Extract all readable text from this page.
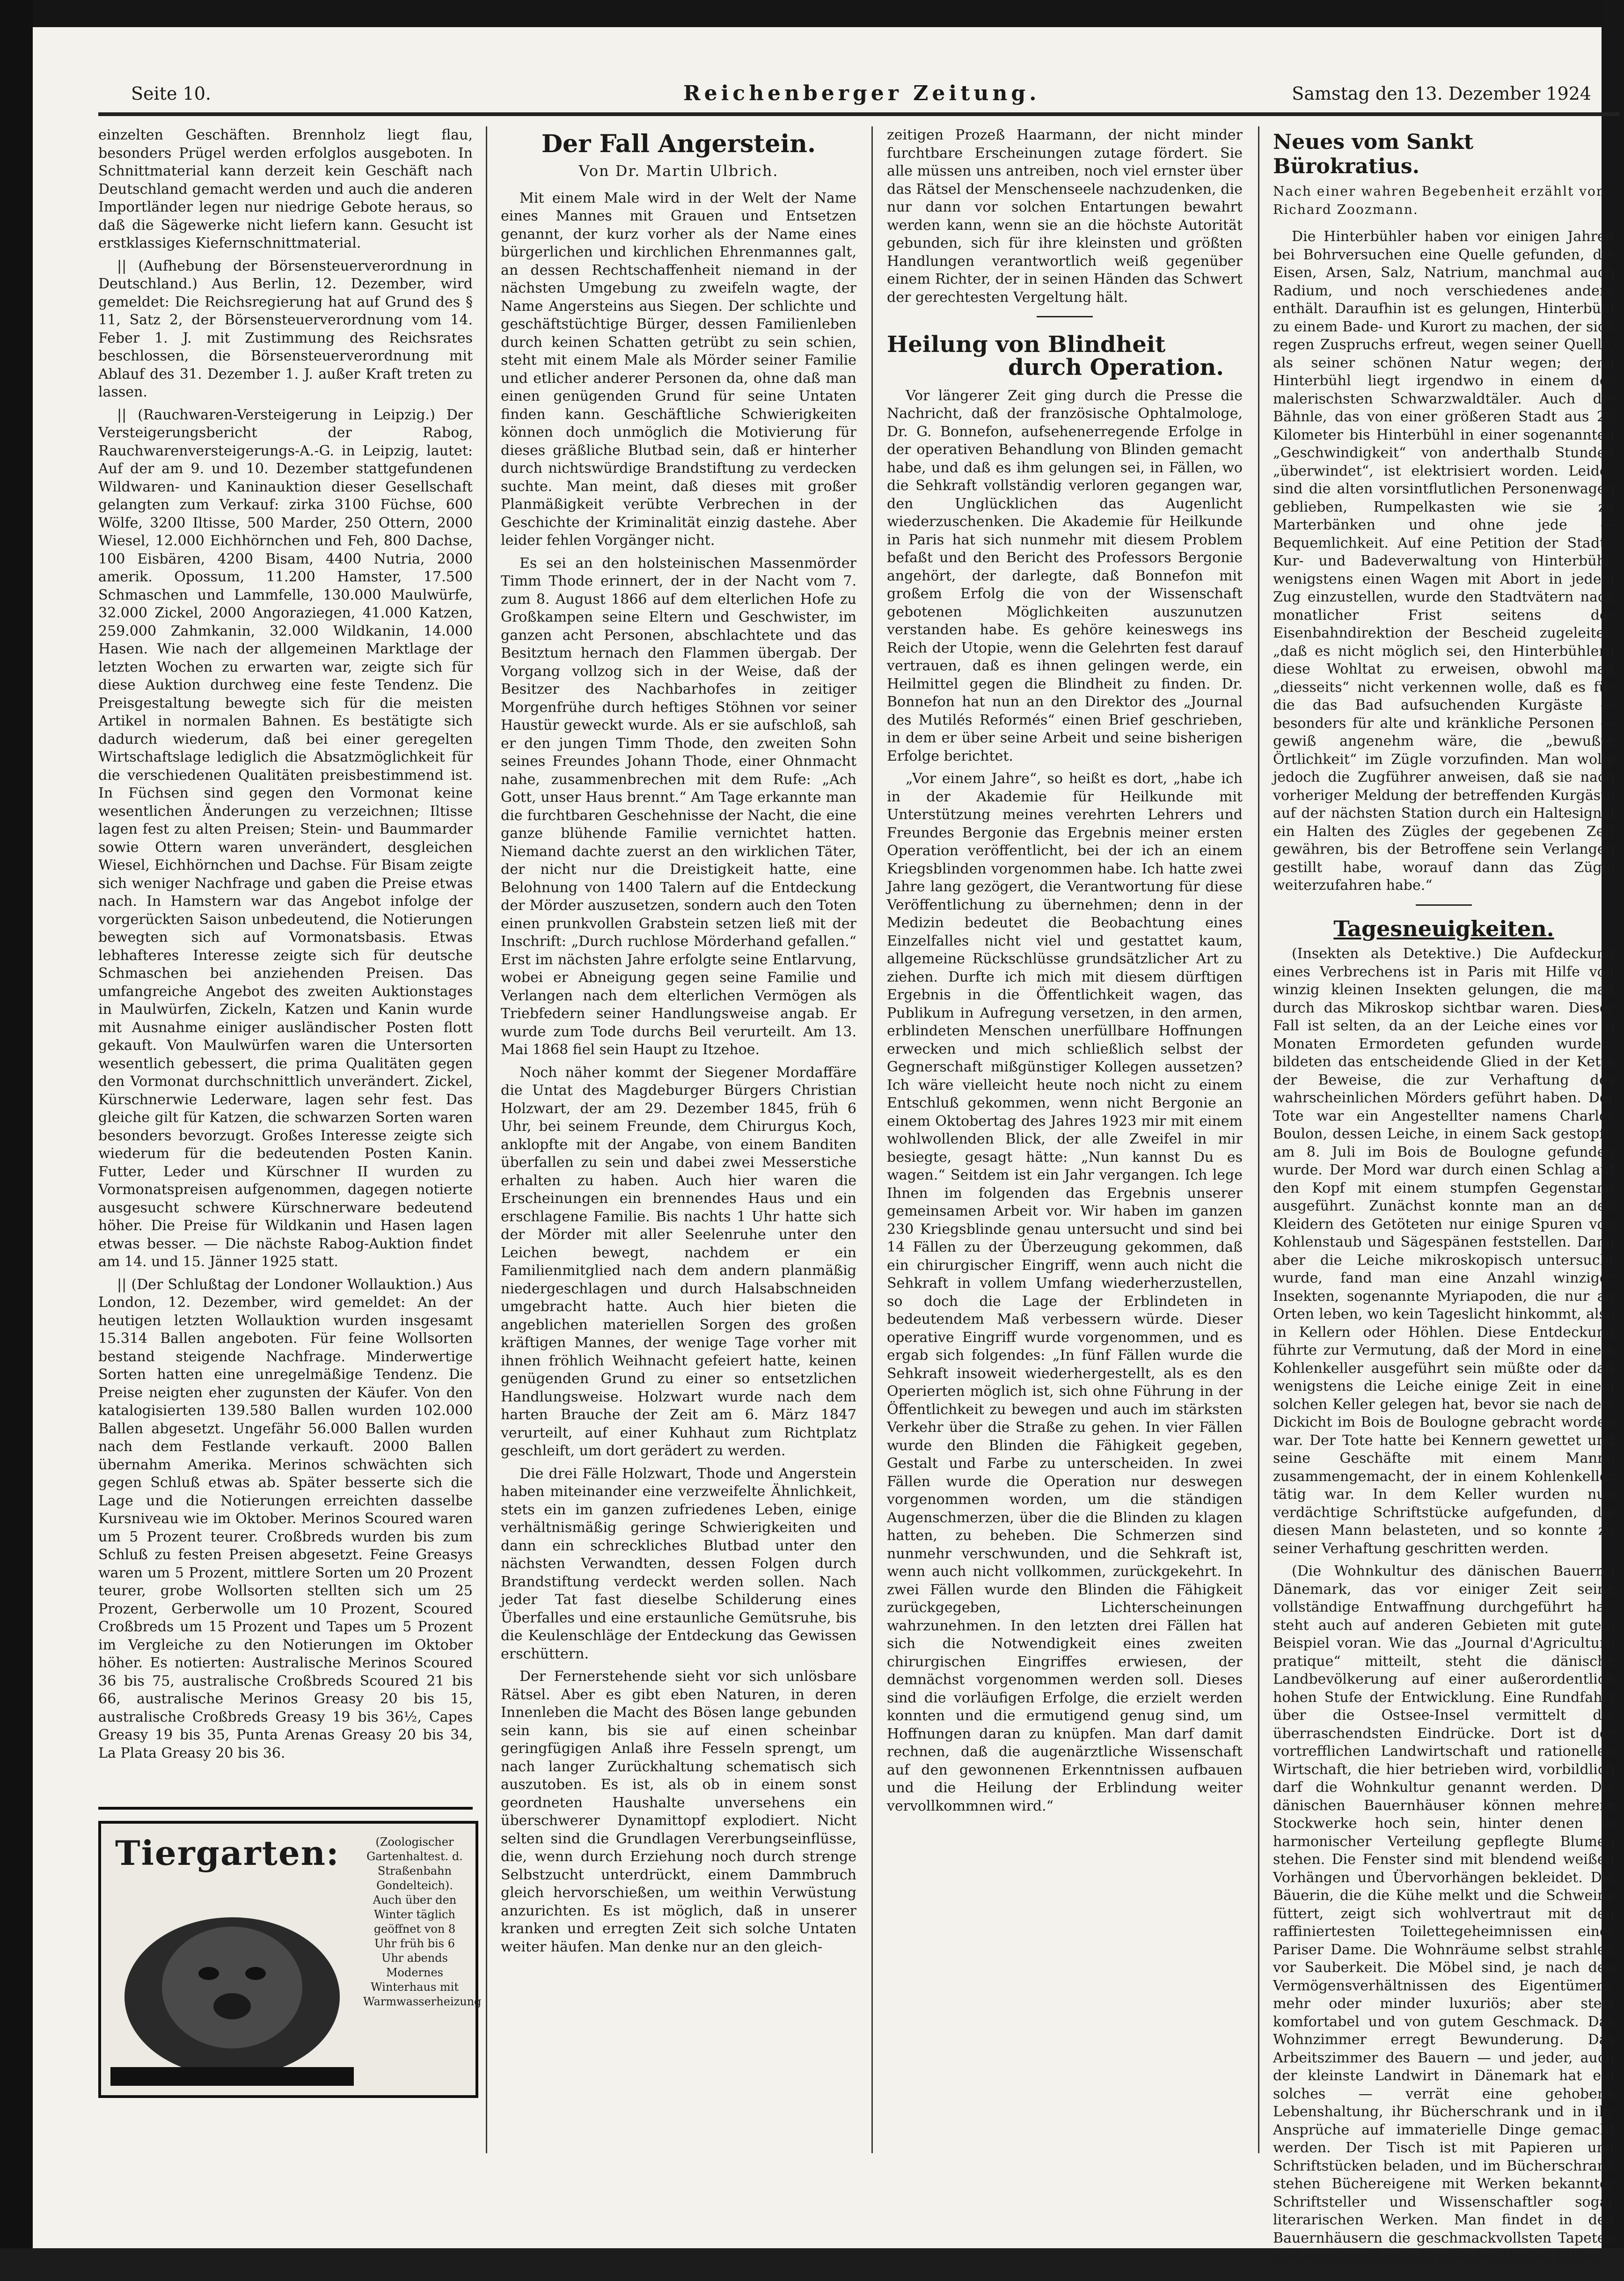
Seite 10.	Reichenberger Zeitung.	Samstag den 13. Dezember 1924

einzelten Geschäften. Brennholz liegt flau, besonders Prügel werden erfolglos ausgeboten. In Schnittmaterial kann derzeit kein Geschäft nach Deutschland gemacht werden und auch die anderen Importländer legen nur niedrige Gebote heraus, so daß die Sägewerke nicht liefern kann. Gesucht ist erstklassiges Kiefernschnittmaterial.

|| (Aufhebung der Börsensteuerverordnung in Deutschland.) Aus Berlin, 12. Dezember, wird gemeldet: Die Reichsregierung hat auf Grund des § 11, Satz 2, der Börsensteuerverordnung vom 14. Feber 1. J. mit Zustimmung des Reichsrates beschlossen, die Börsensteuerverordnung mit Ablauf des 31. Dezember 1. J. außer Kraft treten zu lassen.

|| (Rauchwaren-Versteigerung in Leipzig.) Der Versteigerungsbericht der Rabog, Rauchwarenversteigerungs-A.-G. in Leipzig, lautet: Auf der am 9. und 10. Dezember stattgefundenen Wildwaren- und Kaninauktion dieser Gesellschaft gelangten zum Verkauf: zirka 3100 Füchse, 600 Wölfe, 3200 Iltisse, 500 Marder, 250 Ottern, 2000 Wiesel, 12.000 Eichhörnchen und Feh, 800 Dachse, 100 Eisbären, 4200 Bisam, 4400 Nutria, 2000 amerik. Opossum, 11.200 Hamster, 17.500 Schmaschen und Lammfelle, 130.000 Maulwürfe, 32.000 Zickel, 2000 Angoraziegen, 41.000 Katzen, 259.000 Zahmkanin, 32.000 Wildkanin, 14.000 Hasen. Wie nach der allgemeinen Marktlage der letzten Wochen zu erwarten war, zeigte sich für diese Auktion durchweg eine feste Tendenz. Die Preisgestaltung bewegte sich für die meisten Artikel in normalen Bahnen. Es bestätigte sich dadurch wiederum, daß bei einer geregelten Wirtschaftslage lediglich die Absatzmöglichkeit für die verschiedenen Qualitäten preisbestimmend ist. In Füchsen sind gegen den Vormonat keine wesentlichen Änderungen zu verzeichnen; Iltisse lagen fest zu alten Preisen; Stein- und Baummarder sowie Ottern waren unverändert, desgleichen Wiesel, Eichhörnchen und Dachse. Für Bisam zeigte sich weniger Nachfrage und gaben die Preise etwas nach. In Hamstern war das Angebot infolge der vorgerückten Saison unbedeutend, die Notierungen bewegten sich auf Vormonatsbasis. Etwas lebhafteres Interesse zeigte sich für deutsche Schmaschen bei anziehenden Preisen. Das umfangreiche Angebot des zweiten Auktionstages in Maulwürfen, Zickeln, Katzen und Kanin wurde mit Ausnahme einiger ausländischer Posten flott gekauft. Von Maulwürfen waren die Untersorten wesentlich gebessert, die prima Qualitäten gegen den Vormonat durchschnittlich unverändert. Zickel, Kürschnerwie Lederware, lagen sehr fest. Das gleiche gilt für Katzen, die schwarzen Sorten waren besonders bevorzugt. Großes Interesse zeigte sich wiederum für die bedeutenden Posten Kanin. Futter, Leder und Kürschner II wurden zu Vormonatspreisen aufgenommen, dagegen notierte ausgesucht schwere Kürschnerware bedeutend höher. Die Preise für Wildkanin und Hasen lagen etwas besser. — Die nächste Rabog-Auktion findet am 14. und 15. Jänner 1925 statt.

|| (Der Schlußtag der Londoner Wollauktion.) Aus London, 12. Dezember, wird gemeldet: An der heutigen letzten Wollauktion wurden insgesamt 15.314 Ballen angeboten. Für feine Wollsorten bestand steigende Nachfrage. Minderwertige Sorten hatten eine unregelmäßige Tendenz. Die Preise neigten eher zugunsten der Käufer. Von den katalogisierten 139.580 Ballen wurden 102.000 Ballen abgesetzt. Ungefähr 56.000 Ballen wurden nach dem Festlande verkauft. 2000 Ballen übernahm Amerika. Merinos schwächten sich gegen Schluß etwas ab. Später besserte sich die Lage und die Notierungen erreichten dasselbe Kursniveau wie im Oktober. Merinos Scoured waren um 5 Prozent teurer. Croßbreds wurden bis zum Schluß zu festen Preisen abgesetzt. Feine Greasys waren um 5 Prozent, mittlere Sorten um 20 Prozent teurer, grobe Wollsorten stellten sich um 25 Prozent, Gerberwolle um 10 Prozent, Scoured Croßbreds um 15 Prozent und Tapes um 5 Prozent im Vergleiche zu den Notierungen im Oktober höher. Es notierten: Australische Merinos Scoured 36 bis 75, australische Croßbreds Scoured 21 bis 66, australische Merinos Greasy 20 bis 15, australische Croßbreds Greasy 19 bis 36½, Capes Greasy 19 bis 35, Punta Arenas Greasy 20 bis 34, La Plata Greasy 20 bis 36.

Tiergarten:	(Zoologischer Gartenhaltest. d. Straßenbahn Gondelteich). Auch über den Winter täglich geöffnet von 8 Uhr früh bis 6 Uhr abends Modernes Winterhaus mit Warmwasserheizung
Der Fall Angerstein.
Von Dr. Martin Ulbrich.

Mit einem Male wird in der Welt der Name eines Mannes mit Grauen und Entsetzen genannt, der kurz vorher als der Name eines bürgerlichen und kirchlichen Ehrenmannes galt, an dessen Rechtschaffenheit niemand in der nächsten Umgebung zu zweifeln wagte, der Name Angersteins aus Siegen. Der schlichte und geschäftstüchtige Bürger, dessen Familienleben durch keinen Schatten getrübt zu sein schien, steht mit einem Male als Mörder seiner Familie und etlicher anderer Personen da, ohne daß man einen genügenden Grund für seine Untaten finden kann. Geschäftliche Schwierigkeiten können doch unmöglich die Motivierung für dieses gräßliche Blutbad sein, daß er hinterher durch nichtswürdige Brandstiftung zu verdecken suchte. Man meint, daß dieses mit großer Planmäßigkeit verübte Verbrechen in der Geschichte der Kriminalität einzig dastehe. Aber leider fehlen Vorgänger nicht.

Es sei an den holsteinischen Massenmörder Timm Thode erinnert, der in der Nacht vom 7. zum 8. August 1866 auf dem elterlichen Hofe zu Großkampen seine Eltern und Geschwister, im ganzen acht Personen, abschlachtete und das Besitztum hernach den Flammen übergab. Der Vorgang vollzog sich in der Weise, daß der Besitzer des Nachbarhofes in zeitiger Morgenfrühe durch heftiges Stöhnen vor seiner Haustür geweckt wurde. Als er sie aufschloß, sah er den jungen Timm Thode, den zweiten Sohn seines Freundes Johann Thode, einer Ohnmacht nahe, zusammenbrechen mit dem Rufe: „Ach Gott, unser Haus brennt.“ Am Tage erkannte man die furchtbaren Geschehnisse der Nacht, die eine ganze blühende Familie vernichtet hatten. Niemand dachte zuerst an den wirklichen Täter, der nicht nur die Dreistigkeit hatte, eine Belohnung von 1400 Talern auf die Entdeckung der Mörder auszusetzen, sondern auch den Toten einen prunkvollen Grabstein setzen ließ mit der Inschrift: „Durch ruchlose Mörderhand gefallen.“ Erst im nächsten Jahre erfolgte seine Entlarvung, wobei er Abneigung gegen seine Familie und Verlangen nach dem elterlichen Vermögen als Triebfedern seiner Handlungsweise angab. Er wurde zum Tode durchs Beil verurteilt. Am 13. Mai 1868 fiel sein Haupt zu Itzehoe.

Noch näher kommt der Siegener Mordaffäre die Untat des Magdeburger Bürgers Christian Holzwart, der am 29. Dezember 1845, früh 6 Uhr, bei seinem Freunde, dem Chirurgus Koch, anklopfte mit der Angabe, von einem Banditen überfallen zu sein und dabei zwei Messerstiche erhalten zu haben. Auch hier waren die Erscheinungen ein brennendes Haus und ein erschlagene Familie. Bis nachts 1 Uhr hatte sich der Mörder mit aller Seelenruhe unter den Leichen bewegt, nachdem er ein Familienmitglied nach dem andern planmäßig niedergeschlagen und durch Halsabschneiden umgebracht hatte. Auch hier bieten die angeblichen materiellen Sorgen des großen kräftigen Mannes, der wenige Tage vorher mit ihnen fröhlich Weihnacht gefeiert hatte, keinen genügenden Grund zu einer so entsetzlichen Handlungsweise. Holzwart wurde nach dem harten Brauche der Zeit am 6. März 1847 verurteilt, auf einer Kuhhaut zum Richtplatz geschleift, um dort gerädert zu werden.

Die drei Fälle Holzwart, Thode und Angerstein haben miteinander eine verzweifelte Ähnlichkeit, stets ein im ganzen zufriedenes Leben, einige verhältnismäßig geringe Schwierigkeiten und dann ein schreckliches Blutbad unter den nächsten Verwandten, dessen Folgen durch Brandstiftung verdeckt werden sollen. Nach jeder Tat fast dieselbe Schilderung eines Überfalles und eine erstaunliche Gemütsruhe, bis die Keulenschläge der Entdeckung das Gewissen erschüttern.

Der Fernerstehende sieht vor sich unlösbare Rätsel. Aber es gibt eben Naturen, in deren Innenleben die Macht des Bösen lange gebunden sein kann, bis sie auf einen scheinbar geringfügigen Anlaß ihre Fesseln sprengt, um nach langer Zurückhaltung schematisch sich auszutoben. Es ist, als ob in einem sonst geordneten Haushalte unversehens ein überschwerer Dynamittopf explodiert. Nicht selten sind die Grundlagen Vererbungseinflüsse, die, wenn durch Erziehung noch durch strenge Selbstzucht unterdrückt, einem Dammbruch gleich hervorschießen, um weithin Verwüstung anzurichten. Es ist möglich, daß in unserer kranken und erregten Zeit sich solche Untaten weiter häufen. Man denke nur an den gleich-

zeitigen Prozeß Haarmann, der nicht minder furchtbare Erscheinungen zutage fördert. Sie alle müssen uns antreiben, noch viel ernster über das Rätsel der Menschenseele nachzudenken, die nur dann vor solchen Entartungen bewahrt werden kann, wenn sie an die höchste Autorität gebunden, sich für ihre kleinsten und größten Handlungen verantwortlich weiß gegenüber einem Richter, der in seinen Händen das Schwert der gerechtesten Vergeltung hält.

Heilung von Blindheit
durch Operation.

Vor längerer Zeit ging durch die Presse die Nachricht, daß der französische Ophtalmologe, Dr. G. Bonnefon, aufsehenerregende Erfolge in der operativen Behandlung von Blinden gemacht habe, und daß es ihm gelungen sei, in Fällen, wo die Sehkraft vollständig verloren gegangen war, den Unglücklichen das Augenlicht wiederzuschenken. Die Akademie für Heilkunde in Paris hat sich nunmehr mit diesem Problem befaßt und den Bericht des Professors Bergonie angehört, der darlegte, daß Bonnefon mit großem Erfolg die von der Wissenschaft gebotenen Möglichkeiten auszunutzen verstanden habe. Es gehöre keineswegs ins Reich der Utopie, wenn die Gelehrten fest darauf vertrauen, daß es ihnen gelingen werde, ein Heilmittel gegen die Blindheit zu finden. Dr. Bonnefon hat nun an den Direktor des „Journal des Mutilés Reformés“ einen Brief geschrieben, in dem er über seine Arbeit und seine bisherigen Erfolge berichtet.

„Vor einem Jahre“, so heißt es dort, „habe ich in der Akademie für Heilkunde mit Unterstützung meines verehrten Lehrers und Freundes Bergonie das Ergebnis meiner ersten Operation veröffentlicht, bei der ich an einem Kriegsblinden vorgenommen habe. Ich hatte zwei Jahre lang gezögert, die Verantwortung für diese Veröffentlichung zu übernehmen; denn in der Medizin bedeutet die Beobachtung eines Einzelfalles nicht viel und gestattet kaum, allgemeine Rückschlüsse grundsätzlicher Art zu ziehen. Durfte ich mich mit diesem dürftigen Ergebnis in die Öffentlichkeit wagen, das Publikum in Aufregung versetzen, in den armen, erblindeten Menschen unerfüllbare Hoffnungen erwecken und mich schließlich selbst der Gegnerschaft mißgünstiger Kollegen aussetzen? Ich wäre vielleicht heute noch nicht zu einem Entschluß gekommen, wenn nicht Bergonie an einem Oktobertag des Jahres 1923 mir mit einem wohlwollenden Blick, der alle Zweifel in mir besiegte, gesagt hätte: „Nun kannst Du es wagen.“ Seitdem ist ein Jahr vergangen. Ich lege Ihnen im folgenden das Ergebnis unserer gemeinsamen Arbeit vor. Wir haben im ganzen 230 Kriegsblinde genau untersucht und sind bei 14 Fällen zu der Überzeugung gekommen, daß ein chirurgischer Eingriff, wenn auch nicht die Sehkraft in vollem Umfang wiederherzustellen, so doch die Lage der Erblindeten in bedeutendem Maß verbessern würde. Dieser operative Eingriff wurde vorgenommen, und es ergab sich folgendes: „In fünf Fällen wurde die Sehkraft insoweit wiederhergestellt, als es den Operierten möglich ist, sich ohne Führung in der Öffentlichkeit zu bewegen und auch im stärksten Verkehr über die Straße zu gehen. In vier Fällen wurde den Blinden die Fähigkeit gegeben, Gestalt und Farbe zu unterscheiden. In zwei Fällen wurde die Operation nur deswegen vorgenommen worden, um die ständigen Augenschmerzen, über die die Blinden zu klagen hatten, zu beheben. Die Schmerzen sind nunmehr verschwunden, und die Sehkraft ist, wenn auch nicht vollkommen, zurückgekehrt. In zwei Fällen wurde den Blinden die Fähigkeit zurückgegeben, Lichterscheinungen wahrzunehmen. In den letzten drei Fällen hat sich die Notwendigkeit eines zweiten chirurgischen Eingriffes erwiesen, der demnächst vorgenommen werden soll. Dieses sind die vorläufigen Erfolge, die erzielt werden konnten und die ermutigend genug sind, um Hoffnungen daran zu knüpfen. Man darf damit rechnen, daß die augenärztliche Wissenschaft auf den gewonnenen Erkenntnissen aufbauen und die Heilung der Erblindung weiter vervollkommnen wird.“

Neues vom Sankt Bürokratius.
Nach einer wahren Begebenheit erzählt von Richard Zoozmann.

Die Hinterbühler haben vor einigen Jahren bei Bohrversuchen eine Quelle gefunden, die Eisen, Arsen, Salz, Natrium, manchmal auch Radium, und noch verschiedenes andere enthält. Daraufhin ist es gelungen, Hinterbühl zu einem Bade- und Kurort zu machen, der sich regen Zuspruchs erfreut, wegen seiner Quelle, als seiner schönen Natur wegen; denn Hinterbühl liegt irgendwo in einem der malerischsten Schwarzwaldtäler. Auch die Bähnle, das von einer größeren Stadt aus 20 Kilometer bis Hinterbühl in einer sogenannten „Geschwindigkeit“ von anderthalb Stunden „überwindet“, ist elektrisiert worden. Leider sind die alten vorsintflutlichen Personenwagen geblieben, Rumpelkasten wie sie zu Marterbänken und ohne jede — Bequemlichkeit. Auf eine Petition der Stadt-, Kur- und Badeverwaltung von Hinterbühl, wenigstens einen Wagen mit Abort in jedem Zug einzustellen, wurde den Stadtvätern nach monatlicher Frist seitens der Eisenbahndirektion der Bescheid zugeleitet, „daß es nicht möglich sei, den Hinterbühlern diese Wohltat zu erweisen, obwohl man „diesseits“ nicht verkennen wolle, daß es für die das Bad aufsuchenden Kurgäste — besonders für alte und kränkliche Personen — gewiß angenehm wäre, die „bewußte Örtlichkeit“ im Zügle vorzufinden. Man wolle jedoch die Zugführer anweisen, daß sie nach vorheriger Meldung der betreffenden Kurgäste auf der nächsten Station durch ein Haltesignal ein Halten des Zügles der gegebenen Zeit gewähren, bis der Betroffene sein Verlangen gestillt habe, worauf dann das Zügle weiterzufahren habe.“

Tagesneuigkeiten.

(Insekten als Detektive.) Die Aufdeckung eines Verbrechens ist in Paris mit Hilfe von winzig kleinen Insekten gelungen, die man durch das Mikroskop sichtbar waren. Dieser Fall ist selten, da an der Leiche eines vor 6 Monaten Ermordeten gefunden wurden, bildeten das entscheidende Glied in der Kette der Beweise, die zur Verhaftung des wahrscheinlichen Mörders geführt haben. Der Tote war ein Angestellter namens Charles Boulon, dessen Leiche, in einem Sack gestopft, am 8. Juli im Bois de Boulogne gefunden wurde. Der Mord war durch einen Schlag auf den Kopf mit einem stumpfen Gegenstand ausgeführt. Zunächst konnte man an den Kleidern des Getöteten nur einige Spuren von Kohlenstaub und Sägespänen feststellen. Dann aber die Leiche mikroskopisch untersucht wurde, fand man eine Anzahl winziger Insekten, sogenannte Myriapoden, die nur an Orten leben, wo kein Tageslicht hinkommt, also in Kellern oder Höhlen. Diese Entdeckung führte zur Vermutung, daß der Mord in einem Kohlenkeller ausgeführt sein müßte oder daß wenigstens die Leiche einige Zeit in einem solchen Keller gelegen hat, bevor sie nach dem Dickicht im Bois de Boulogne gebracht worden war. Der Tote hatte bei Kennern gewettet und seine Geschäfte mit einem Manne zusammengemacht, der in einem Kohlenkeller tätig war. In dem Keller wurden nun verdächtige Schriftstücke aufgefunden, die diesen Mann belasteten, und so konnte zu seiner Verhaftung geschritten werden.

(Die Wohnkultur des dänischen Bauern.) Dänemark, das vor einiger Zeit seine vollständige Entwaffnung durchgeführt hat, steht auch auf anderen Gebieten mit gutem Beispiel voran. Wie das „Journal d'Agriculture pratique“ mitteilt, steht die dänische Landbevölkerung auf einer außerordentlich hohen Stufe der Entwicklung. Eine Rundfahrt über die Ostsee-Insel vermittelt die überraschendsten Eindrücke. Dort ist der vortrefflichen Landwirtschaft und rationellen Wirtschaft, die hier betrieben wird, vorbildlich darf die Wohnkultur genannt werden. Die dänischen Bauernhäuser können mehrere Stockwerke hoch sein, hinter denen in harmonischer Verteilung gepflegte Blumen stehen. Die Fenster sind mit blendend weißen Vorhängen und Übervorhängen bekleidet. Die Bäuerin, die die Kühe melkt und die Schweine füttert, zeigt sich wohlvertraut mit den raffiniertesten Toilettegeheimnissen einer Pariser Dame. Die Wohnräume selbst strahlen vor Sauberkeit. Die Möbel sind, je nach den Vermögensverhältnissen des Eigentümers, mehr oder minder luxuriös; aber stets komfortabel und von gutem Geschmack. Das Wohnzimmer erregt Bewunderung. Das Arbeitszimmer des Bauern — und jeder, auch der kleinste Landwirt in Dänemark hat ein solches — verrät eine gehobene Lebenshaltung, ihr Bücherschrank und in ihr Ansprüche auf immaterielle Dinge gemacht werden. Der Tisch ist mit Papieren und Schriftstücken beladen, und im Bücherschrank stehen Büchereigene mit Werken bekannter Schriftsteller und Wissenschaftler sogar literarischen Werken. Man findet in den Bauernhäusern die geschmackvollsten Tapeten und ausgezeichnete Drucke berühmter Bilder.
